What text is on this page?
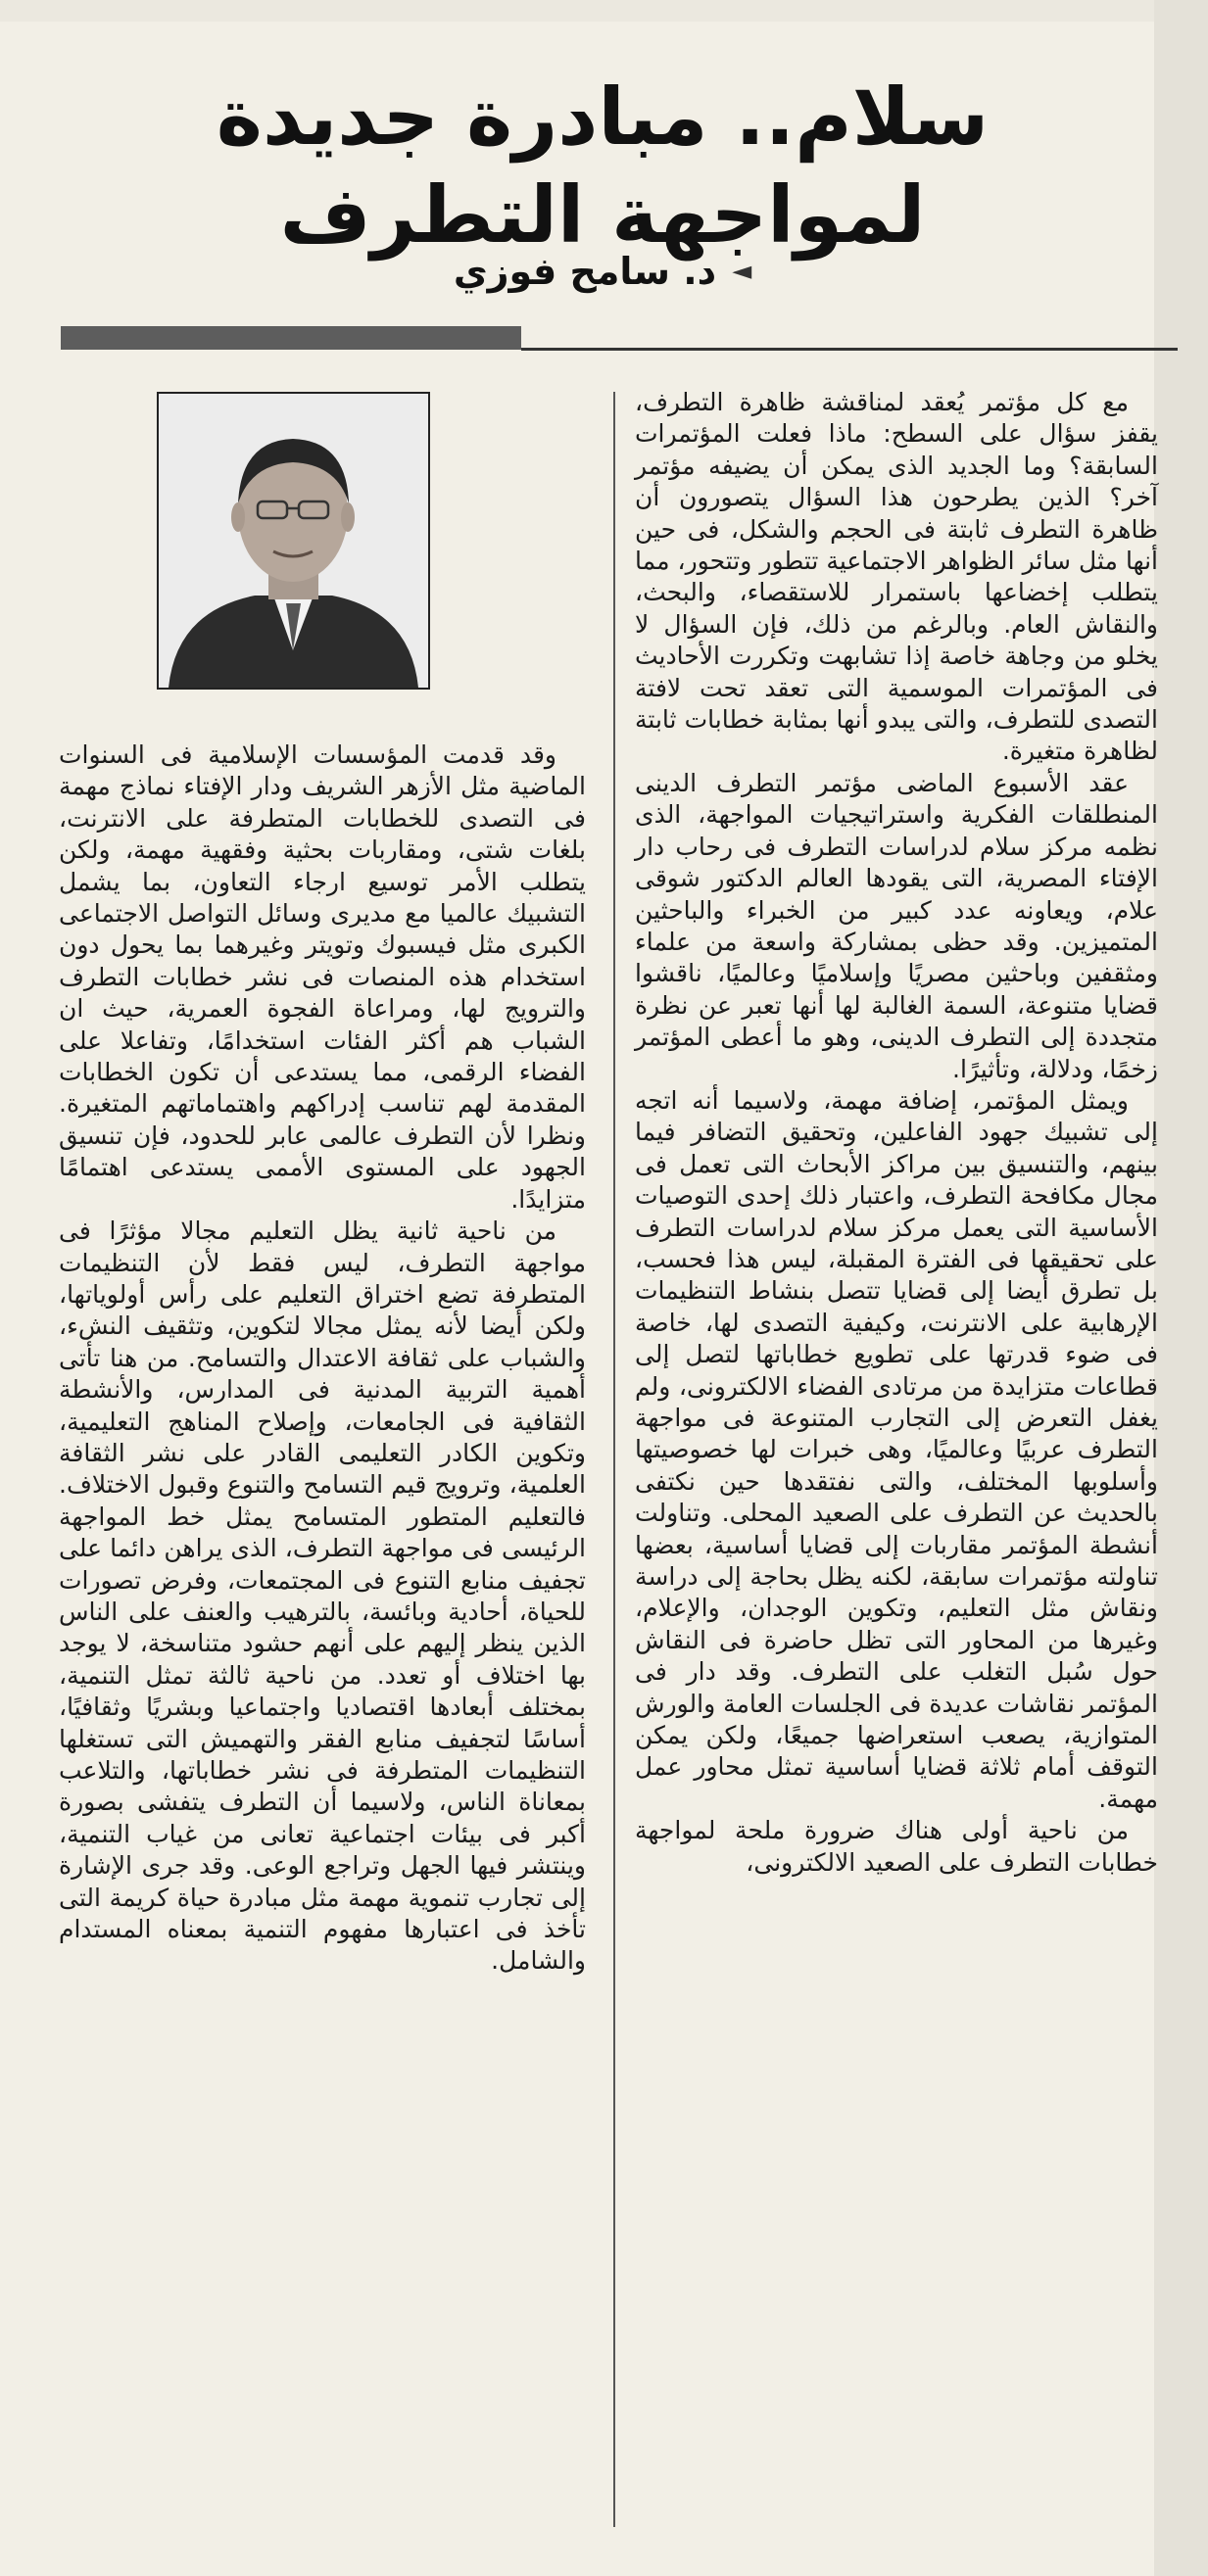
سلام.. مبادرة جديدة لمواجهة التطرف
◄
د. سامح فوزي

مع كل مؤتمر يُعقد لمناقشة ظاهرة التطرف، يقفز سؤال على السطح: ماذا فعلت المؤتمرات السابقة؟ وما الجديد الذى يمكن أن يضيفه مؤتمر آخر؟ الذين يطرحون هذا السؤال يتصورون أن ظاهرة التطرف ثابتة فى الحجم والشكل، فى حين أنها مثل سائر الظواهر الاجتماعية تتطور وتتحور، مما يتطلب إخضاعها باستمرار للاستقصاء، والبحث، والنقاش العام. وبالرغم من ذلك، فإن السؤال لا يخلو من وجاهة خاصة إذا تشابهت وتكررت الأحاديث فى المؤتمرات الموسمية التى تعقد تحت لافتة التصدى للتطرف، والتى يبدو أنها بمثابة خطابات ثابتة لظاهرة متغيرة.

عقد الأسبوع الماضى مؤتمر التطرف الدينى المنطلقات الفكرية واستراتيجيات المواجهة، الذى نظمه مركز سلام لدراسات التطرف فى رحاب دار الإفتاء المصرية، التى يقودها العالم الدكتور شوقى علام، ويعاونه عدد كبير من الخبراء والباحثين المتميزين. وقد حظى بمشاركة واسعة من علماء ومثقفين وباحثين مصريًا وإسلاميًا وعالميًا، ناقشوا قضايا متنوعة، السمة الغالبة لها أنها تعبر عن نظرة متجددة إلى التطرف الدينى، وهو ما أعطى المؤتمر زخمًا، ودلالة، وتأثيرًا.

ويمثل المؤتمر، إضافة مهمة، ولاسيما أنه اتجه إلى تشبيك جهود الفاعلين، وتحقيق التضافر فيما بينهم، والتنسيق بين مراكز الأبحاث التى تعمل فى مجال مكافحة التطرف، واعتبار ذلك إحدى التوصيات الأساسية التى يعمل مركز سلام لدراسات التطرف على تحقيقها فى الفترة المقبلة، ليس هذا فحسب، بل تطرق أيضا إلى قضايا تتصل بنشاط التنظيمات الإرهابية على الانترنت، وكيفية التصدى لها، خاصة فى ضوء قدرتها على تطويع خطاباتها لتصل إلى قطاعات متزايدة من مرتادى الفضاء الالكترونى، ولم يغفل التعرض إلى التجارب المتنوعة فى مواجهة التطرف عربيًا وعالميًا، وهى خبرات لها خصوصيتها وأسلوبها المختلف، والتى نفتقدها حين نكتفى بالحديث عن التطرف على الصعيد المحلى. وتناولت أنشطة المؤتمر مقاربات إلى قضايا أساسية، بعضها تناولته مؤتمرات سابقة، لكنه يظل بحاجة إلى دراسة ونقاش مثل التعليم، وتكوين الوجدان، والإعلام، وغيرها من المحاور التى تظل حاضرة فى النقاش حول سُبل التغلب على التطرف. وقد دار فى المؤتمر نقاشات عديدة فى الجلسات العامة والورش المتوازية، يصعب استعراضها جميعًا، ولكن يمكن التوقف أمام ثلاثة قضايا أساسية تمثل محاور عمل مهمة.

من ناحية أولى هناك ضرورة ملحة لمواجهة خطابات التطرف على الصعيد الالكترونى،

وقد قدمت المؤسسات الإسلامية فى السنوات الماضية مثل الأزهر الشريف ودار الإفتاء نماذج مهمة فى التصدى للخطابات المتطرفة على الانترنت، بلغات شتى، ومقاربات بحثية وفقهية مهمة، ولكن يتطلب الأمر توسيع ارجاء التعاون، بما يشمل التشبيك عالميا مع مديرى وسائل التواصل الاجتماعى الكبرى مثل فيسبوك وتويتر وغيرهما بما يحول دون استخدام هذه المنصات فى نشر خطابات التطرف والترويج لها، ومراعاة الفجوة العمرية، حيث ان الشباب هم أكثر الفئات استخدامًا، وتفاعلا على الفضاء الرقمى، مما يستدعى أن تكون الخطابات المقدمة لهم تناسب إدراكهم واهتماماتهم المتغيرة. ونظرا لأن التطرف عالمى عابر للحدود، فإن تنسيق الجهود على المستوى الأممى يستدعى اهتمامًا متزايدًا.

من ناحية ثانية يظل التعليم مجالا مؤثرًا فى مواجهة التطرف، ليس فقط لأن التنظيمات المتطرفة تضع اختراق التعليم على رأس أولوياتها، ولكن أيضا لأنه يمثل مجالا لتكوين، وتثقيف النشء، والشباب على ثقافة الاعتدال والتسامح. من هنا تأتى أهمية التربية المدنية فى المدارس، والأنشطة الثقافية فى الجامعات، وإصلاح المناهج التعليمية، وتكوين الكادر التعليمى القادر على نشر الثقافة العلمية، وترويج قيم التسامح والتنوع وقبول الاختلاف. فالتعليم المتطور المتسامح يمثل خط المواجهة الرئيسى فى مواجهة التطرف، الذى يراهن دائما على تجفيف منابع التنوع فى المجتمعات، وفرض تصورات للحياة، أحادية وبائسة، بالترهيب والعنف على الناس الذين ينظر إليهم على أنهم حشود متناسخة، لا يوجد بها اختلاف أو تعدد. من ناحية ثالثة تمثل التنمية، بمختلف أبعادها اقتصاديا واجتماعيا وبشريًا وثقافيًا، أساسًا لتجفيف منابع الفقر والتهميش التى تستغلها التنظيمات المتطرفة فى نشر خطاباتها، والتلاعب بمعاناة الناس، ولاسيما أن التطرف يتفشى بصورة أكبر فى بيئات اجتماعية تعانى من غياب التنمية، وينتشر فيها الجهل وتراجع الوعى. وقد جرى الإشارة إلى تجارب تنموية مهمة مثل مبادرة حياة كريمة التى تأخذ فى اعتبارها مفهوم التنمية بمعناه المستدام والشامل.
